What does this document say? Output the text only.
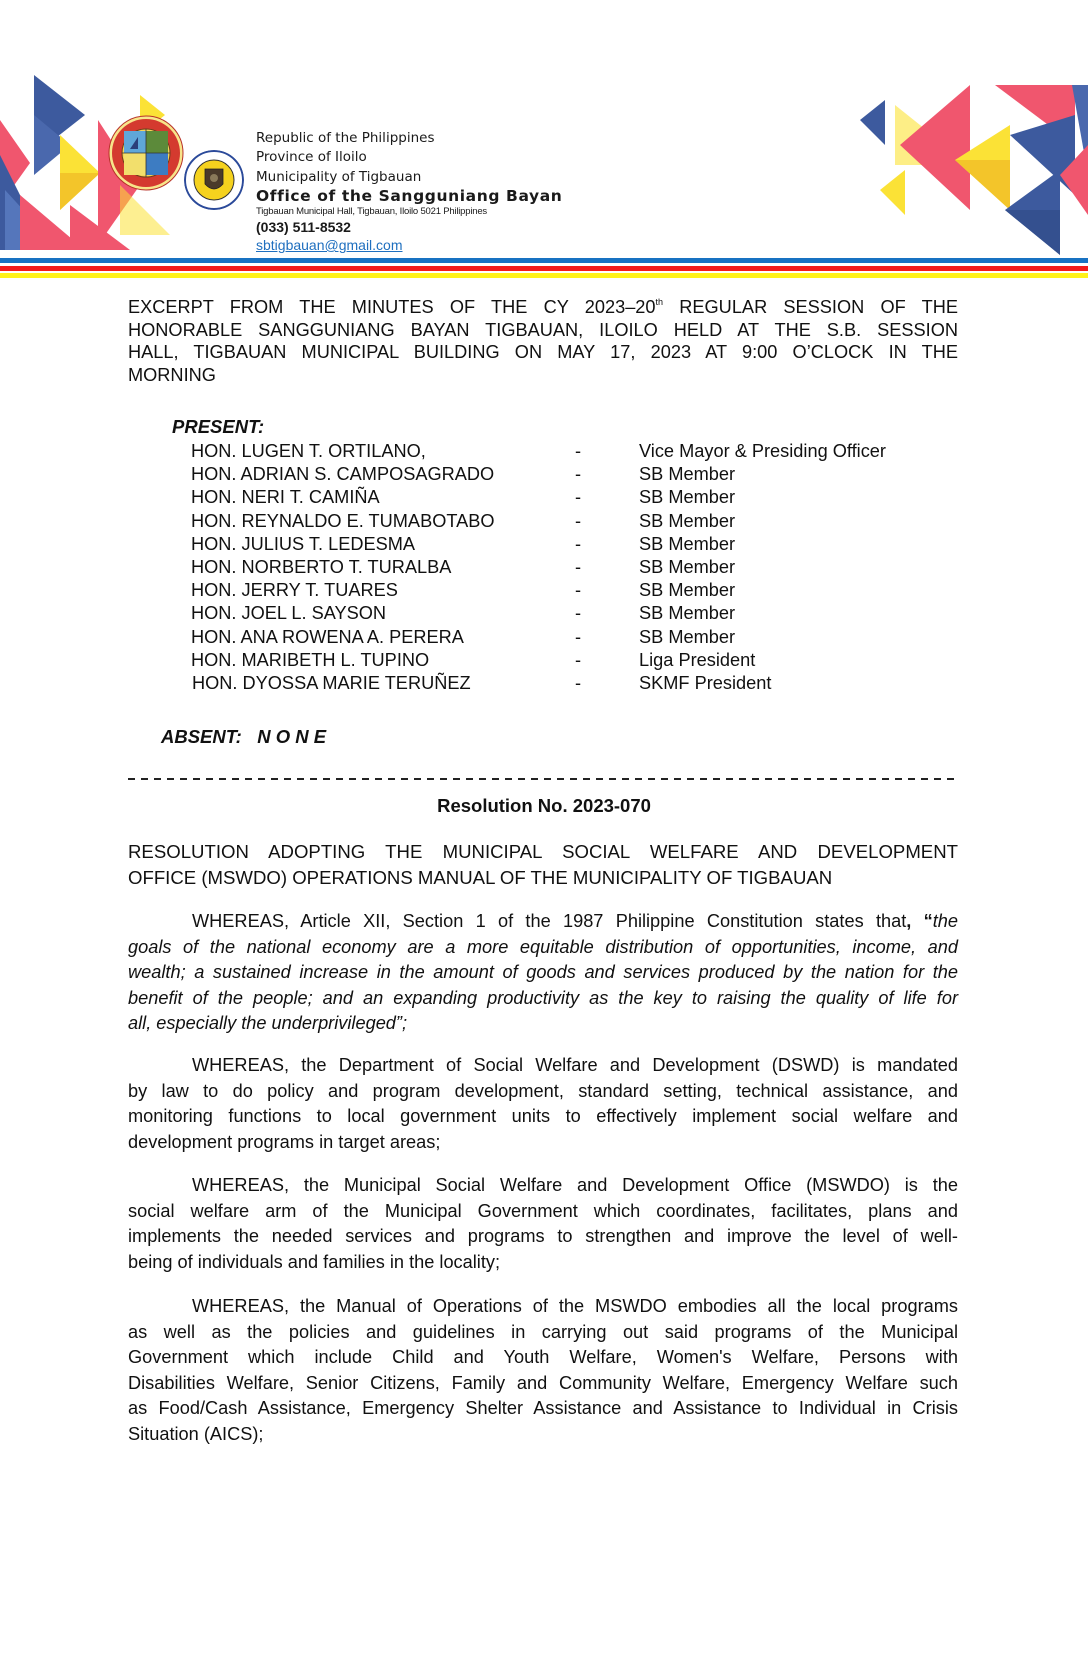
Republic of the Philippines
Province of Iloilo
Municipality of Tigbauan
Office of the Sangguniang Bayan
Tigbauan Municipal Hall, Tigbauan, Iloilo 5021 Philippines
(033) 511-8532
sbtigbauan@gmail.com
EXCERPT FROM THE MINUTES OF THE CY 2023–20th REGULAR SESSION OF THE
HONORABLE SANGGUNIANG BAYAN TIGBAUAN, ILOILO HELD AT THE S.B. SESSION
HALL, TIGBAUAN MUNICIPAL BUILDING ON MAY 17, 2023 AT 9:00 O’CLOCK IN THE
MORNING
PRESENT:
HON. LUGEN T. ORTILANO,	-	Vice Mayor & Presiding Officer
HON. ADRIAN S. CAMPOSAGRADO	-	SB Member
HON. NERI T. CAMIÑA	-	SB Member
HON. REYNALDO E. TUMABOTABO	-	SB Member
HON. JULIUS T. LEDESMA	-	SB Member
HON. NORBERTO T. TURALBA	-	SB Member
HON. JERRY T. TUARES	-	SB Member
HON. JOEL L. SAYSON	-	SB Member
HON. ANA ROWENA A. PERERA	-	SB Member
HON. MARIBETH L. TUPINO	-	Liga President
HON. DYOSSA MARIE TERUÑEZ	-	SKMF President
ABSENT: N O N E
Resolution No. 2023-070
RESOLUTION ADOPTING THE MUNICIPAL SOCIAL WELFARE AND DEVELOPMENT
OFFICE (MSWDO) OPERATIONS MANUAL OF THE MUNICIPALITY OF TIGBAUAN
WHEREAS, Article XII, Section 1 of the 1987 Philippine Constitution states that, “the
goals of the national economy are a more equitable distribution of opportunities, income, and
wealth; a sustained increase in the amount of goods and services produced by the nation for the
benefit of the people; and an expanding productivity as the key to raising the quality of life for
all, especially the underprivileged”;
WHEREAS, the Department of Social Welfare and Development (DSWD) is mandated
by law to do policy and program development, standard setting, technical assistance, and
monitoring functions to local government units to effectively implement social welfare and
development programs in target areas;
WHEREAS, the Municipal Social Welfare and Development Office (MSWDO) is the
social welfare arm of the Municipal Government which coordinates, facilitates, plans and
implements the needed services and programs to strengthen and improve the level of well-
being of individuals and families in the locality;
WHEREAS, the Manual of Operations of the MSWDO embodies all the local programs
as well as the policies and guidelines in carrying out said programs of the Municipal
Government which include Child and Youth Welfare, Women's Welfare, Persons with
Disabilities Welfare, Senior Citizens, Family and Community Welfare, Emergency Welfare such
as Food/Cash Assistance, Emergency Shelter Assistance and Assistance to Individual in Crisis
Situation (AICS);
